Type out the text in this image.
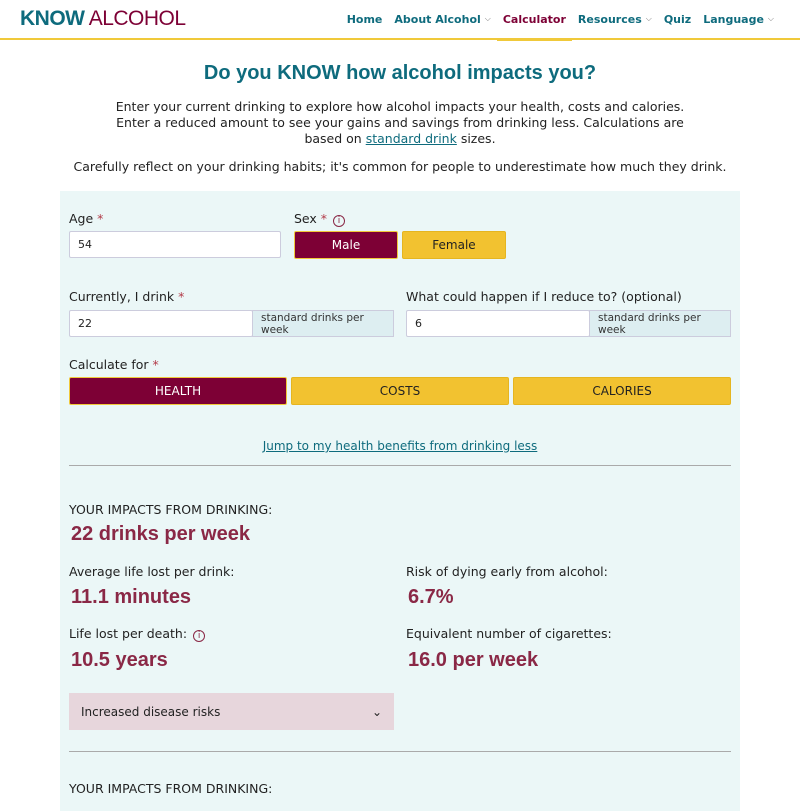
KNOW ALCOHOL	Home About Alcohol ⌵ Calculator Resources ⌵ Quiz Language ⌵
Do you KNOW how alcohol impacts you?

Enter your current drinking to explore how alcohol impacts your health, costs and calories. Enter a reduced amount to see your gains and savings from drinking less. Calculations are based on standard drink sizes.

Carefully reflect on your drinking habits; it's common for people to underestimate how much they drink.

Age *
54
Sex * i
Male	Female
Currently, I drink *
22	standard drinks per week
What could happen if I reduce to? (optional)
6	standard drinks per week
Calculate for *
HEALTH	COSTS	CALORIES
Jump to my health benefits from drinking less
YOUR IMPACTS FROM DRINKING:
22 drinks per week
Average life lost per drink:
11.1 minutes
Risk of dying early from alcohol:
6.7%
Life lost per death: i
10.5 years
Equivalent number of cigarettes:
16.0 per week
Increased disease risks	⌄
YOUR IMPACTS FROM DRINKING:
